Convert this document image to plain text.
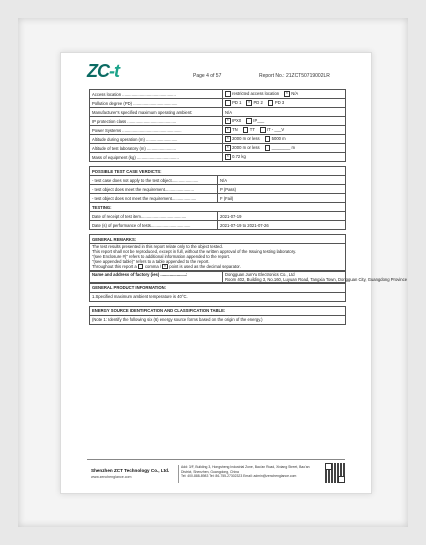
ZC-t	Page 4 of 57	Report No.: 21ZCT50719002LR
Access location ..............................................	restricted access location × N/A
Pollution degree (PD) ......................................	PD 1 × PD 2 PD 3
Manufacturer's specified maximum operating ambient:	N/A
IP protection class ..........................................	× IPX0 IP___
Power Systems ...................................................	× TN TT IT - ___V
Altitude during operation (m) ...........................	× 2000 m or less 5000 m
Altitude of test laboratory (m) .........................	× 2000 m or less ________ m
Mass of equipment (kg) ....................................	× 0.72 kg
POSSIBLE TEST CASE VERDICTS:	
- test case does not apply to the test object.......................	N/A
- test object does meet the requirement.........................	P (Pass)
- test object does not meet the requirement.....................	F (Fail)
TESTING:	
Date of receipt of test item.......................................	2021-07-19
Date (s) of performance of tests..................................	2021-07-19 to 2021-07-26
GENERAL REMARKS:

The test results presented in this report relate only to the object tested.
This report shall not be reproduced, except in full, without the written approval of the Issuing testing laboratory.
"(see Enclosure #)" refers to additional information appended to the report.
"(see appended table)" refers to a table appended to the report.
Throughout this report a comma / × point is used as the decimal separator.
Name and address of factory (ies) ......................:	Dongguan JunYu Electronics Co., Ltd
Room 402, Building 3, No.160, Luyuan Road, Tangxia Town, Dongguan City, Guangdong Province
GENERAL PRODUCT INFORMATION:
1.Specified maximum ambient temperature is 40°C.
ENERGY SOURCE IDENTIFICATION AND CLASSIFICATION TABLE:
(Note 1: Identify the following six (6) energy source forms based on the origin of the energy.)
Shenzhen ZCT Technology Co., Ltd.
www.zenchenglance.com
Add: 3/F, Building 3, Hongsheng Industrial Zone, Bao'an Road, Xixiang Street, Bao'an District, Shenzhen, Guangdong, China
Tel: 400-888-8983 Tel: 86-755-27302323 Email: admin@zenchenglance.com
